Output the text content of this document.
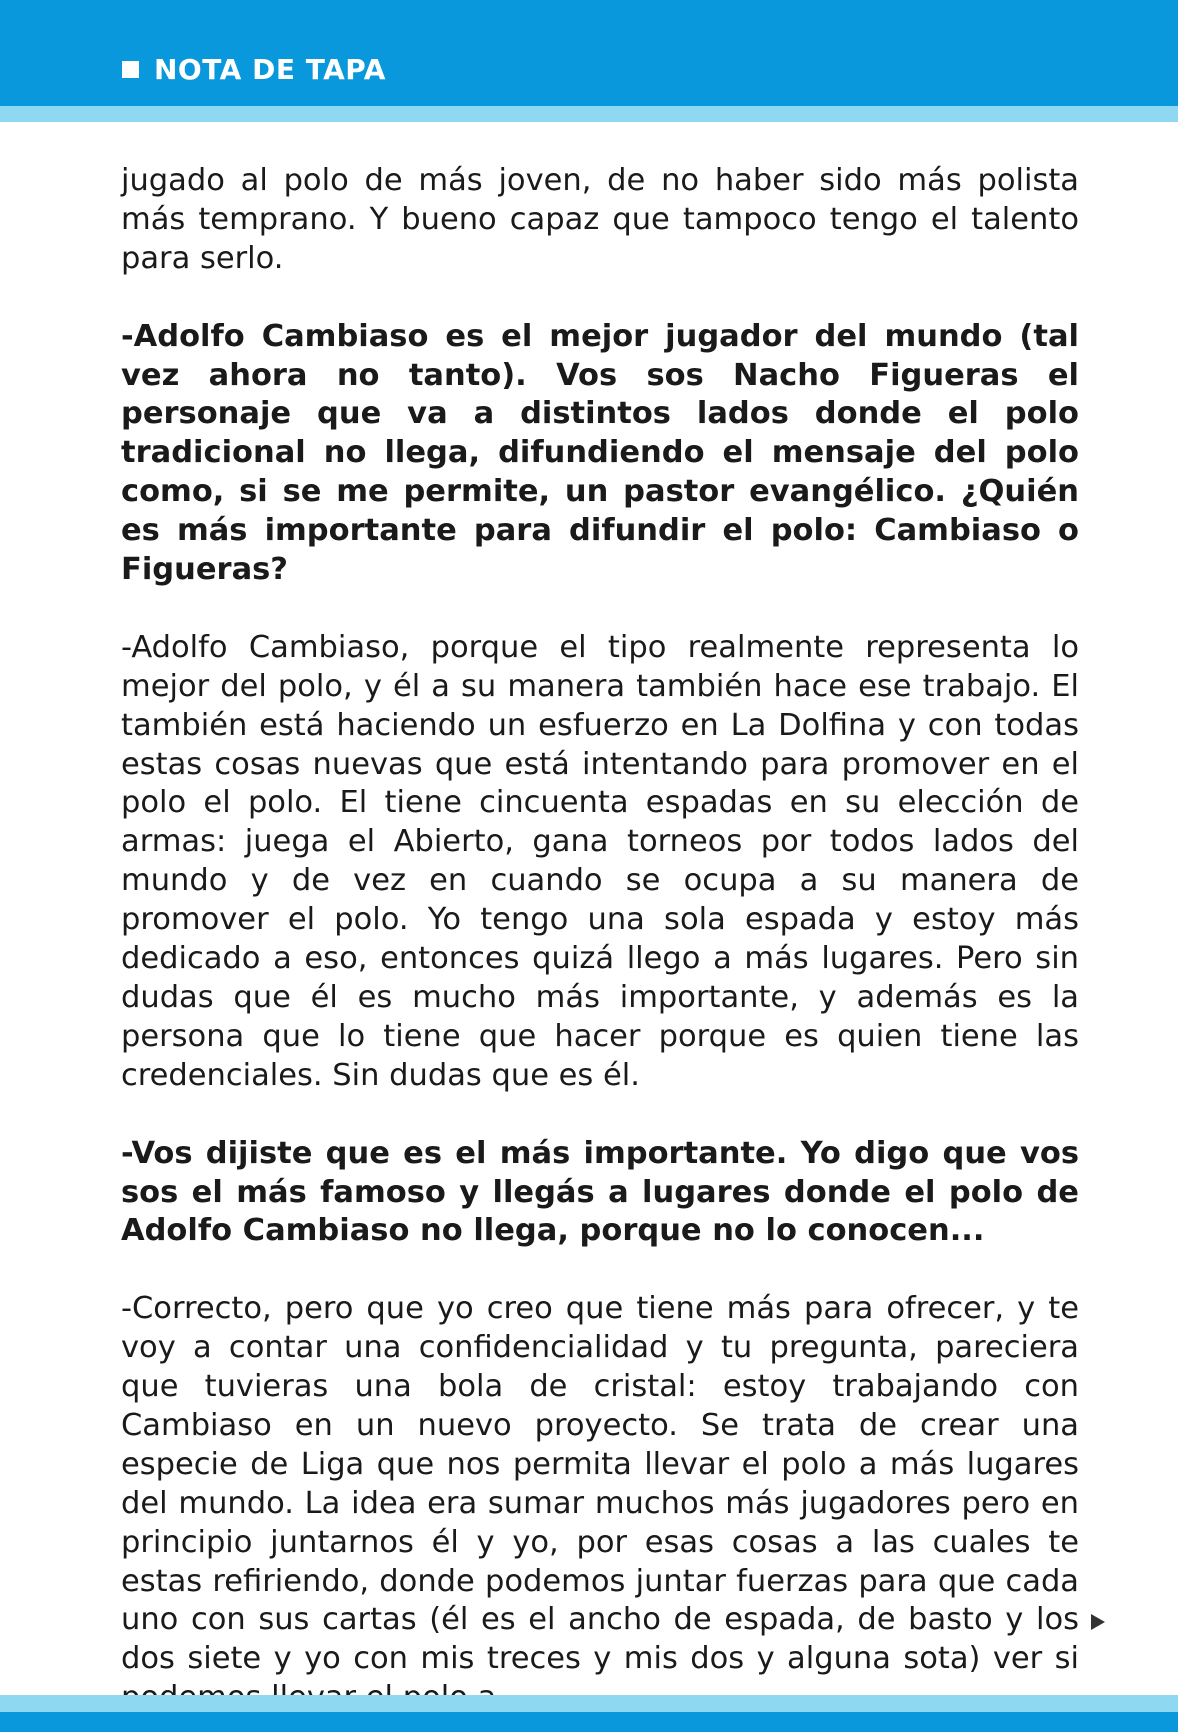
NOTA DE TAPA

jugado al polo de más joven, de no haber sido más polista más temprano. Y bueno capaz que tampoco tengo el talento para serlo.

-Adolfo Cambiaso es el mejor jugador del mundo (tal vez ahora no tanto). Vos sos Nacho Figueras el personaje que va a distintos lados donde el polo tradicional no llega, difundiendo el mensaje del polo como, si se me permite, un pastor evangélico. ¿Quién es más importante para difundir el polo: Cambiaso o Figueras?

-Adolfo Cambiaso, porque el tipo realmente representa lo mejor del polo, y él a su manera también hace ese trabajo. El también está haciendo un esfuerzo en La Dolfina y con todas estas cosas nuevas que está intentando para promover en el polo el polo. El tiene cincuenta espadas en su elección de armas: juega el Abierto, gana torneos por todos lados del mundo y de vez en cuando se ocupa a su manera de promover el polo. Yo tengo una sola espada y estoy más dedicado a eso, entonces quizá llego a más lugares. Pero sin dudas que él es mucho más importante, y además es la persona que lo tiene que hacer porque es quien tiene las credenciales. Sin dudas que es él.

-Vos dijiste que es el más importante. Yo digo que vos sos el más famoso y llegás a lugares donde el polo de Adolfo Cambiaso no llega, porque no lo conocen...

-Correcto, pero que yo creo que tiene más para ofrecer, y te voy a contar una confidencialidad y tu pregunta, pareciera que tuvieras una bola de cristal: estoy trabajando con Cambiaso en un nuevo proyecto. Se trata de crear una especie de Liga que nos permita llevar el polo a más lugares del mundo. La idea era sumar muchos más jugadores pero en principio juntarnos él y yo, por esas cosas a las cuales te estas refiriendo, donde podemos juntar fuerzas para que cada uno con sus cartas (él es el ancho de espada, de basto y los dos siete y yo con mis treces y mis dos y alguna sota) ver si
